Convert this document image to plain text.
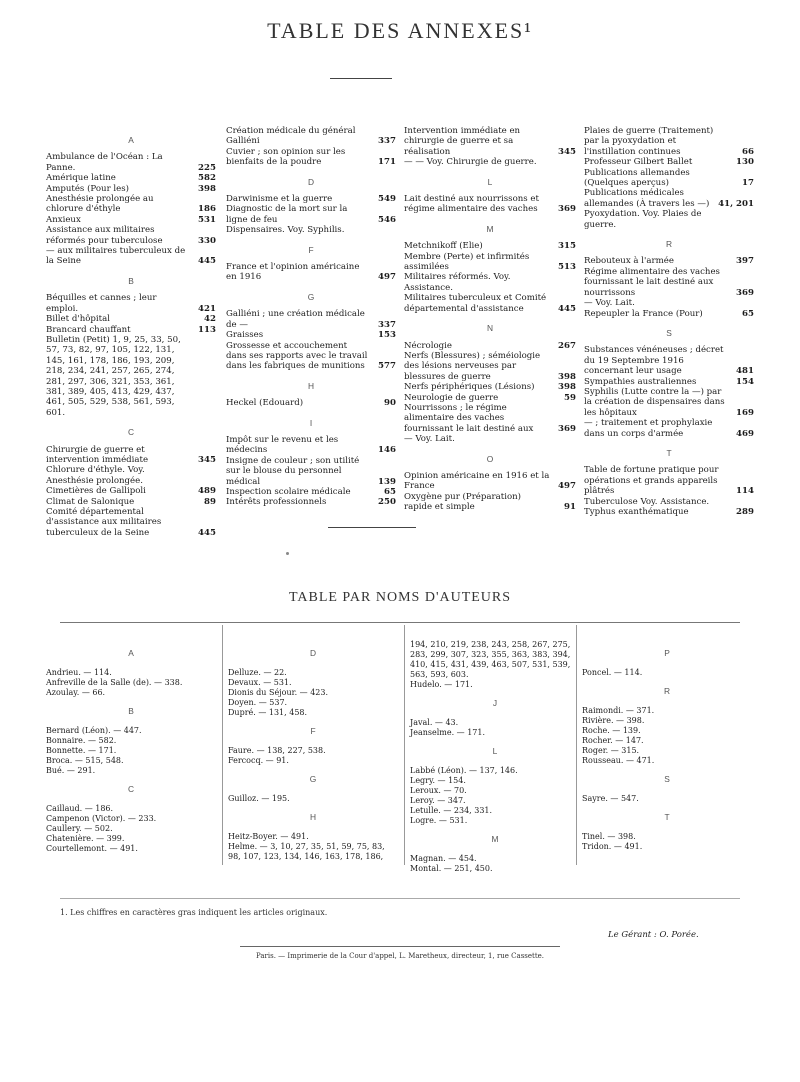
TABLE DES ANNEXES¹
A
Ambulance de l'Océan : La Panne.	225
Amérique latine	582
Amputés (Pour les)	398
Anesthésie prolongée au chlorure d'éthyle	186
Anxieux	531
Assistance aux militaires réformés pour tuberculose	330
— aux militaires tuberculeux de la Seine	445
B
Béquilles et cannes ; leur emploi.	421
Billet d'hôpital	42
Brancard chauffant	113
Bulletin (Petit) 1, 9, 25, 33, 50, 57, 73, 82, 97, 105, 122, 131, 145, 161, 178, 186, 193, 209, 218, 234, 241, 257, 265, 274, 281, 297, 306, 321, 353, 361, 381, 389, 405, 413, 429, 437, 461, 505, 529, 538, 561, 593, 601.
C
Chirurgie de guerre et intervention immédiate	345
Chlorure d'éthyle. Voy. Anesthésie prolongée.
Cimetières de Gallipoli	489
Climat de Salonique	89
Comité départemental d'assistance aux militaires tuberculeux de la Seine	445
Création médicale du général Galliéni	337
Cuvier ; son opinion sur les bienfaits de la poudre	171
D
Darwinisme et la guerre	549
Diagnostic de la mort sur la ligne de feu	546
Dispensaires. Voy. Syphilis.
F
France et l'opinion américaine en 1916	497
G
Galliéni ; une création médicale de —	337
Graisses	153
Grossesse et accouchement dans ses rapports avec le travail dans les fabriques de munitions	577
H
Heckel (Edouard)	90
I
Impôt sur le revenu et les médecins	146
Insigne de couleur ; son utilité sur le blouse du personnel médical	139
Inspection scolaire médicale	65
Intérêts professionnels	250
Intervention immédiate en chirurgie de guerre et sa réalisation	345
— — Voy. Chirurgie de guerre.
L
Lait destiné aux nourrissons et régime alimentaire des vaches	369
M
Metchnikoff (Elie)	315
Membre (Perte) et infirmités assimilées	513
Militaires réformés. Voy. Assistance.
Militaires tuberculeux et Comité départemental d'assistance	445
N
Nécrologie	267
Nerfs (Blessures) ; séméiologie des lésions nerveuses par blessures de guerre	398
Nerfs périphériques (Lésions)	398
Neurologie de guerre	59
Nourrissons ; le régime alimentaire des vaches fournissant le lait destiné aux	369
— Voy. Lait.
O
Opinion américaine en 1916 et la France	497
Oxygène pur (Préparation) rapide et simple	91
Plaies de guerre (Traitement) par la pyoxydation et l'instillation continues	66
Professeur Gilbert Ballet	130
Publications allemandes (Quelques aperçus)	17
Publications médicales allemandes (À travers les —)	41, 201
Pyoxydation. Voy. Plaies de guerre.
R
Rebouteux à l'armée	397
Régime alimentaire des vaches fournissant le lait destiné aux nourrissons	369
— Voy. Lait.
Repeupler la France (Pour)	65
S
Substances vénéneuses ; décret du 19 Septembre 1916 concernant leur usage	481
Sympathies australiennes	154
Syphilis (Lutte contre la —) par la création de dispensaires dans les hôpitaux	169
— ; traitement et prophylaxie dans un corps d'armée	469
T
Table de fortune pratique pour opérations et grands appareils plâtrés	114
Tuberculose Voy. Assistance.
Typhus exanthématique	289
TABLE PAR NOMS D'AUTEURS
A
Andrieu. — 114.
Anfreville de la Salle (de). — 338.
Azoulay. — 66.
B
Bernard (Léon). — 447.
Bonnaire. — 582.
Bonnette. — 171.
Broca. — 515, 548.
Bué. — 291.
C
Caillaud. — 186.
Campenon (Victor). — 233.
Caullery. — 502.
Chatenière. — 399.
Courtellemont. — 491.
D
Delluze. — 22.
Devaux. — 531.
Dionis du Séjour. — 423.
Doyen. — 537.
Dupré. — 131, 458.
F
Faure. — 138, 227, 538.
Fercocq. — 91.
G
Guilloz. — 195.
H
Heitz-Boyer. — 491.
Helme. — 3, 10, 27, 35, 51, 59, 75, 83, 98, 107, 123, 134, 146, 163, 178, 186,
194, 210, 219, 238, 243, 258, 267, 275, 283, 299, 307, 323, 355, 363, 383, 394, 410, 415, 431, 439, 463, 507, 531, 539, 563, 593, 603.
Hudelo. — 171.
J
Javal. — 43.
Jeanselme. — 171.
L
Labbé (Léon). — 137, 146.
Legry. — 154.
Leroux. — 70.
Leroy. — 347.
Letulle. — 234, 331.
Logre. — 531.
M
Magnan. — 454.
Montal. — 251, 450.
P
Poncel. — 114.
R
Raimondi. — 371.
Rivière. — 398.
Roche. — 139.
Rocher. — 147.
Roger. — 315.
Rousseau. — 471.
S
Sayre. — 547.
T
Tinel. — 398.
Tridon. — 491.
1. Les chiffres en caractères gras indiquent les articles originaux.
Le Gérant : O. Porée.
Paris. — Imprimerie de la Cour d'appel, L. Maretheux, directeur, 1, rue Cassette.
